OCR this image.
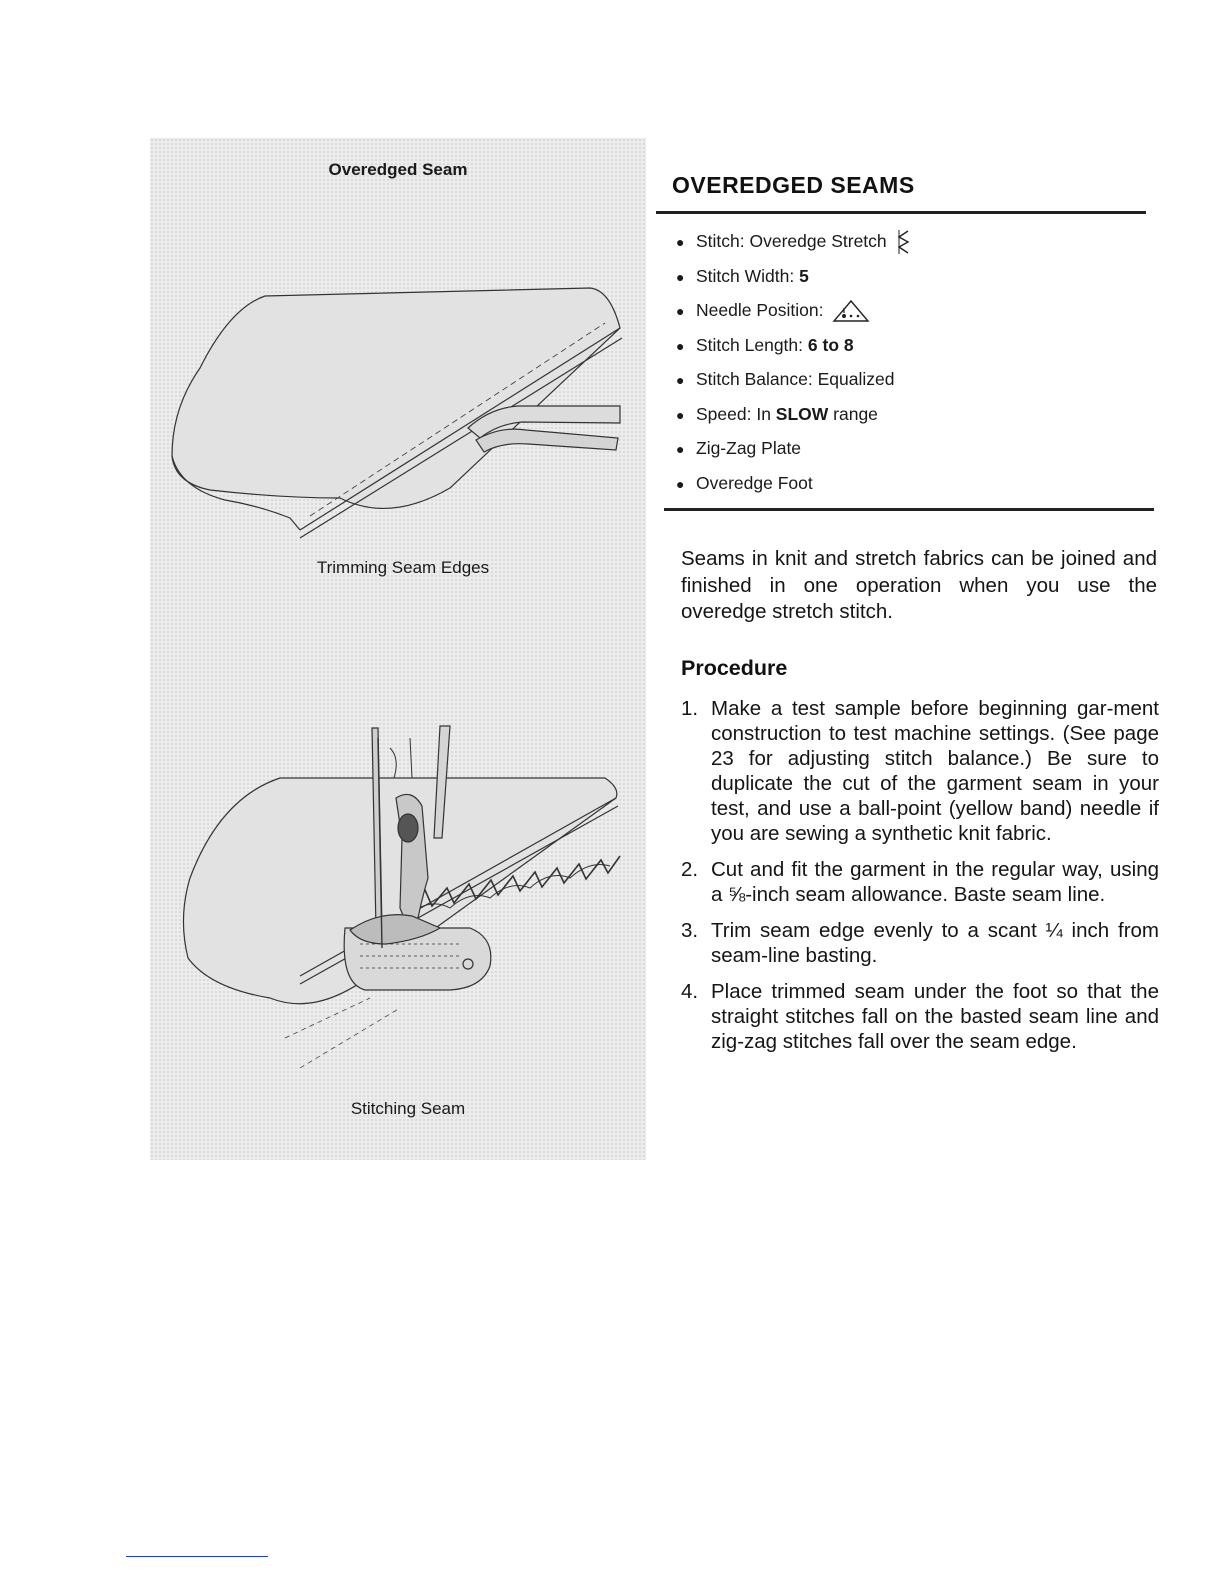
Overedged Seam
Trimming Seam Edges
Stitching Seam
OVEREDGED SEAMS
● Stitch: Overedge Stretch
● Stitch Width: 5
● Needle Position:
● Stitch Length: 6 to 8
● Stitch Balance: Equalized
● Speed: In SLOW range
● Zig-Zag Plate
● Overedge Foot

Seams in knit and stretch fabrics can be joined and finished in one operation when you use the overedge stretch stitch.

Procedure
1. Make a test sample before beginning gar-ment construction to test machine settings. (See page 23 for adjusting stitch balance.) Be sure to duplicate the cut of the garment seam in your test, and use a ball-point (yellow band) needle if you are sewing a synthetic knit fabric.
2. Cut and fit the garment in the regular way, using a ⅝-inch seam allowance. Baste seam line.
3. Trim seam edge evenly to a scant ¼ inch from seam-line basting.
4. Place trimmed seam under the foot so that the straight stitches fall on the basted seam line and zig-zag stitches fall over the seam edge.
